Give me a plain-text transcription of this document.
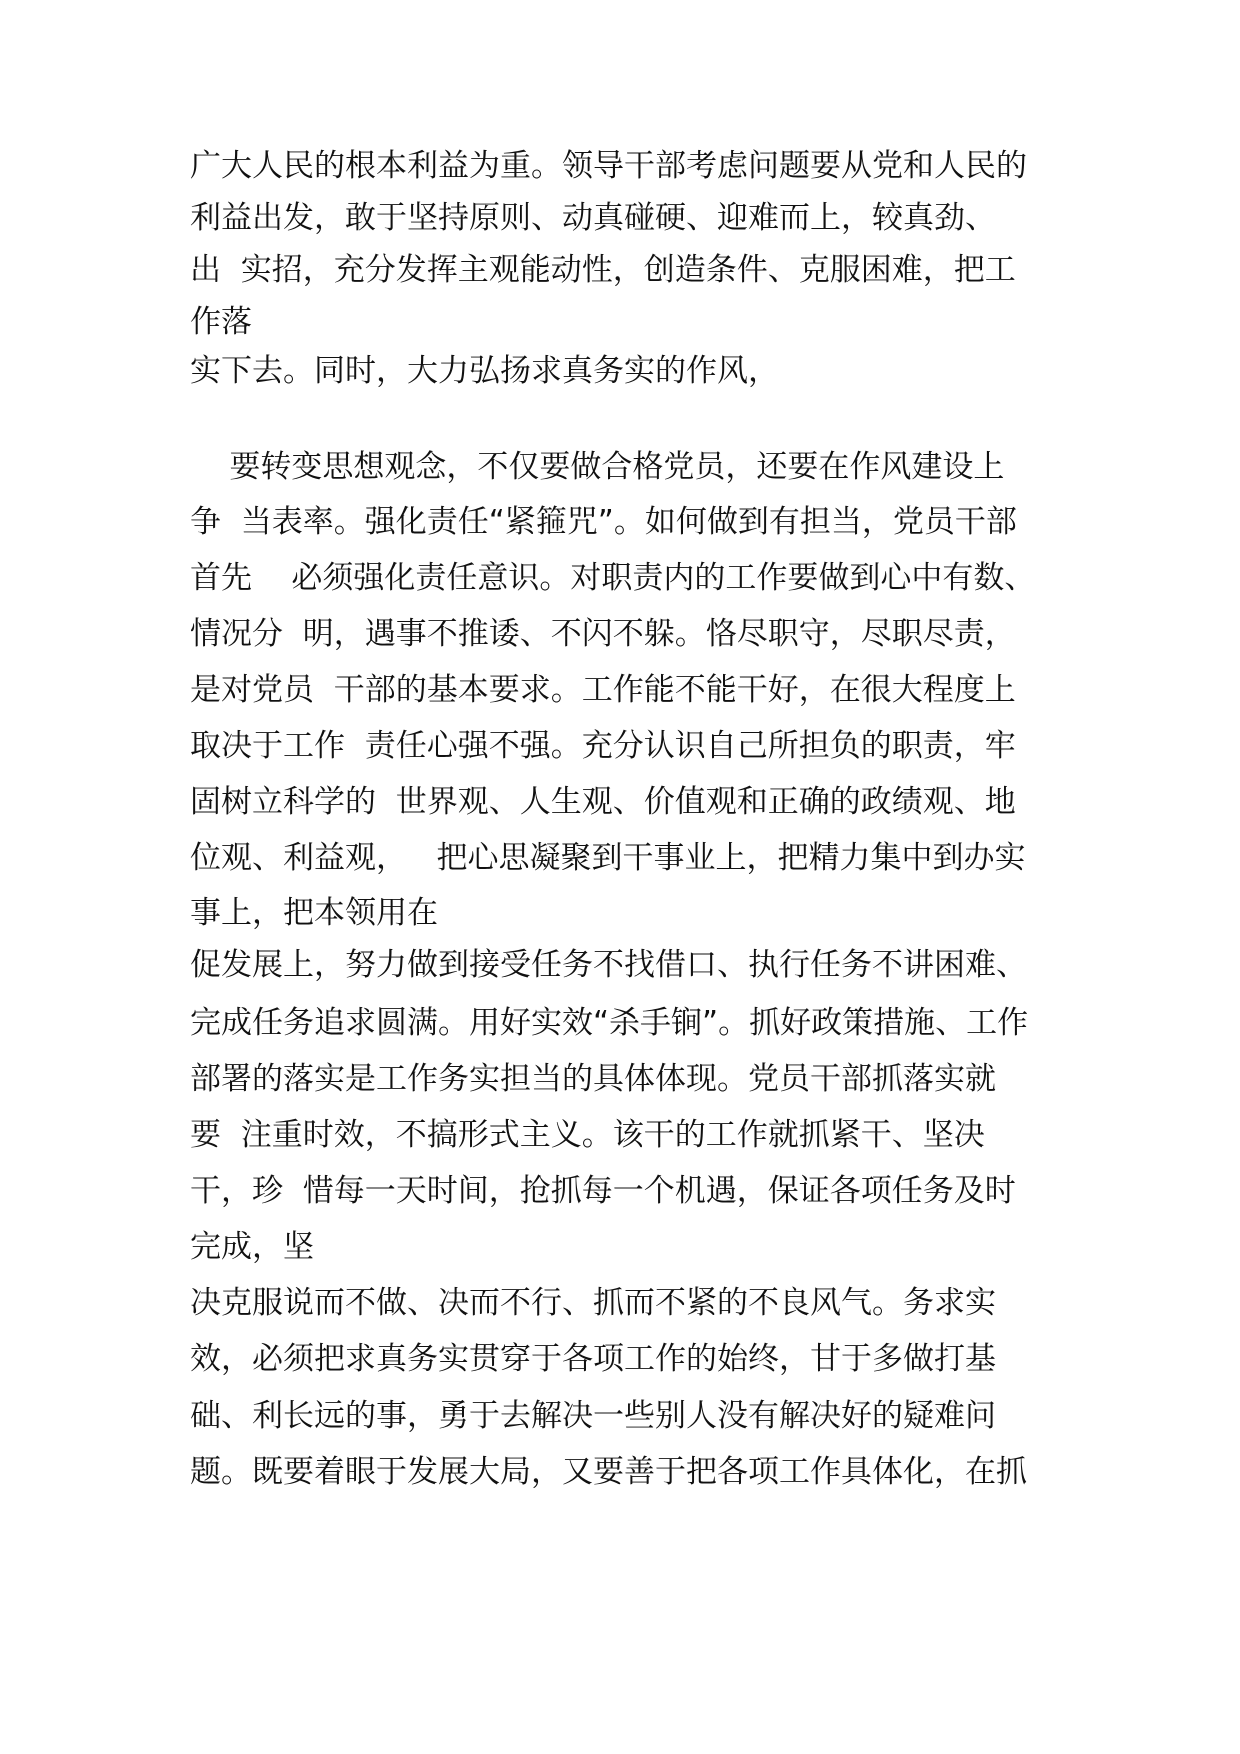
广大人民的根本利益为重。领导干部考虑问题要从党和人民的

利益出发，敢于坚持原则、动真碰硬、迎难而上，较真劲、

出  实招，充分发挥主观能动性，创造条件、克服困难，把工

作落

实下去。同时，大力弘扬求真务实的作风，

要转变思想观念，不仅要做合格党员，还要在作风建设上

争  当表率。强化责任“紧箍咒”。如何做到有担当，党员干部

首先    必须强化责任意识。对职责内的工作要做到心中有数、

情况分  明，遇事不推诿、不闪不躲。恪尽职守，尽职尽责，

是对党员  干部的基本要求。工作能不能干好，在很大程度上

取决于工作  责任心强不强。充分认识自己所担负的职责，牢

固树立科学的  世界观、人生观、价值观和正确的政绩观、地

位观、利益观，   把心思凝聚到干事业上，把精力集中到办实

事上，把本领用在

促发展上，努力做到接受任务不找借口、执行任务不讲困难、

完成任务追求圆满。用好实效“杀手锏”。抓好政策措施、工作

部署的落实是工作务实担当的具体体现。党员干部抓落实就

要  注重时效，不搞形式主义。该干的工作就抓紧干、坚决

干，珍  惜每一天时间，抢抓每一个机遇，保证各项任务及时

完成，坚

决克服说而不做、决而不行、抓而不紧的不良风气。务求实

效，必须把求真务实贯穿于各项工作的始终，甘于多做打基

础、利长远的事，勇于去解决一些别人没有解决好的疑难问

题。既要着眼于发展大局，又要善于把各项工作具体化，在抓
